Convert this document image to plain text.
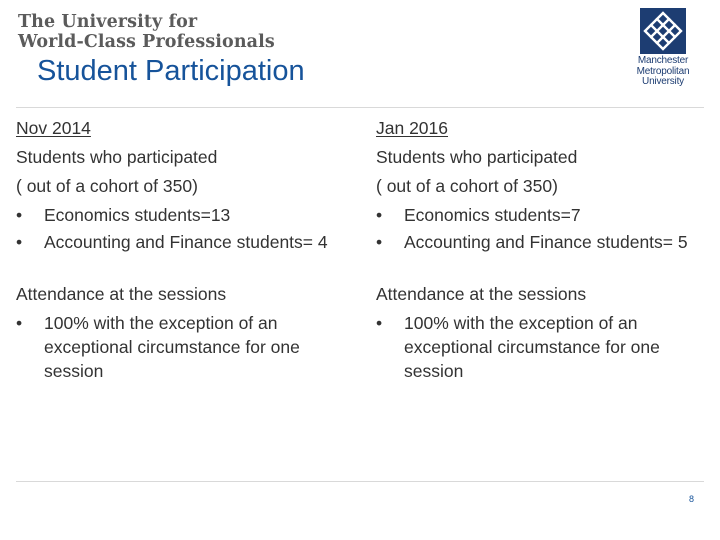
The University for
World-Class Professionals
Student Participation	Manchester
Metropolitan
University
Nov 2014
Students who participated
( out of a cohort of 350)
• Economics students=13
• Accounting and Finance students= 4
Attendance at the sessions
• 100% with the exception of an exceptional circumstance for one session
Jan 2016
Students who participated
( out of a cohort of 350)
• Economics students=7
• Accounting and Finance students= 5
Attendance at the sessions
• 100% with the exception of an exceptional circumstance for one session
8
